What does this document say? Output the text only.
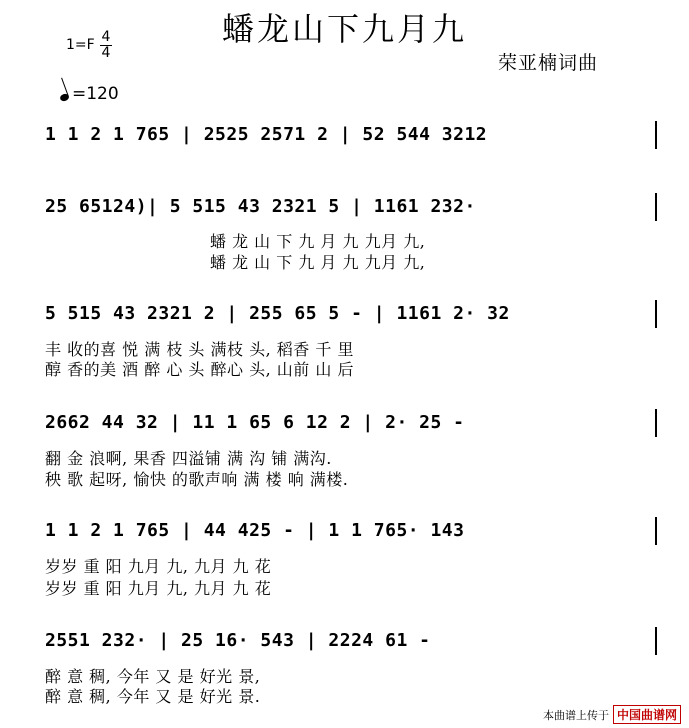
蟠龙山下九月九
1=F 4
4	荣亚楠词曲
=120
1 1 2 1 765 | 2525 2571 2 | 52 544 3212
25 65124)| 5 515 43 2321 5 | 1161 232·
蟠 龙 山 下 九 月 九 九月 九,
蟠 龙 山 下 九 月 九 九月 九,
5 515 43 2321 2 | 255 65 5 - | 1161 2· 32
丰 收的喜 悦 满 枝 头 满枝 头, 稻香 千 里
醇 香的美 酒 醉 心 头 醉心 头, 山前 山 后
2662 44 32 | 11 1 65 6 12 2 | 2· 25 -
翻 金 浪啊, 果香 四溢铺 满 沟 铺 满沟.
秧 歌 起呀, 愉快 的歌声响 满 楼 响 满楼.
1 1 2 1 765 | 44 425 - | 1 1 765· 143
岁岁 重 阳 九月 九, 九月 九 花
岁岁 重 阳 九月 九, 九月 九 花
2551 232· | 25 16· 543 | 2224 61 -
醉 意 稠, 今年 又 是 好光 景,
醉 意 稠, 今年 又 是 好光 景.
本曲谱上传于 中国曲谱网
